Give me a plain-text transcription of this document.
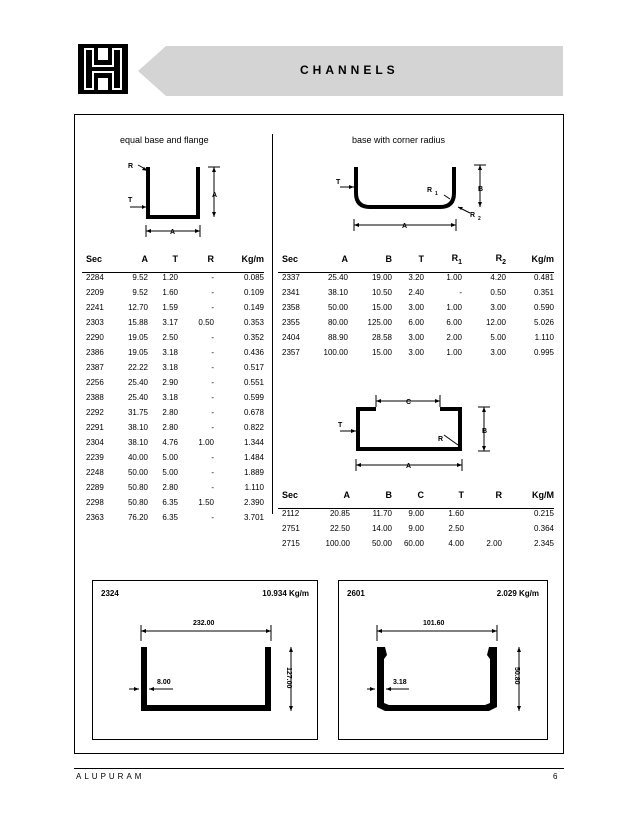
CHANNELS
equal base and flange
R
T
A
A
Sec	A	T	R	Kg/m
2284	9.52	1.20	-	0.085
2209	9.52	1.60	-	0.109
2241	12.70	1.59	-	0.149
2303	15.88	3.17	0.50	0.353
2290	19.05	2.50	-	0.352
2386	19.05	3.18	-	0.436
2387	22.22	3.18	-	0.517
2256	25.40	2.90	-	0.551
2388	25.40	3.18	-	0.599
2292	31.75	2.80	-	0.678
2291	38.10	2.80	-	0.822
2304	38.10	4.76	1.00	1.344
2239	40.00	5.00	-	1.484
2248	50.00	5.00	-	1.889
2289	50.80	2.80	-	1.110
2298	50.80	6.35	1.50	2.390
2363	76.20	6.35	-	3.701
base with corner radius
T
R 1
R 2
B
A
Sec	A	B	T	$R_1$	$R_2$	Kg/m
2337	25.40	19.00	3.20	1.00	4.20	0.481
2341	38.10	10.50	2.40	-	0.50	0.351
2358	50.00	15.00	3.00	1.00	3.00	0.590
2355	80.00	125.00	6.00	6.00	12.00	5.026
2404	88.90	28.58	3.00	2.00	5.00	1.110
2357	100.00	15.00	3.00	1.00	3.00	0.995
C
T
R
B
A
Sec	A	B	C	T	R	Kg/M
2112	20.85	11.70	9.00	1.60		0.215
2751	22.50	14.00	9.00	2.50		0.364
2715	100.00	50.00	60.00	4.00	2.00	2.345
2324	10.934 Kg/m
232.00
8.00	127.00
2601	2.029 Kg/m
101.60
3.18	50.80
ALUPURAM	6
